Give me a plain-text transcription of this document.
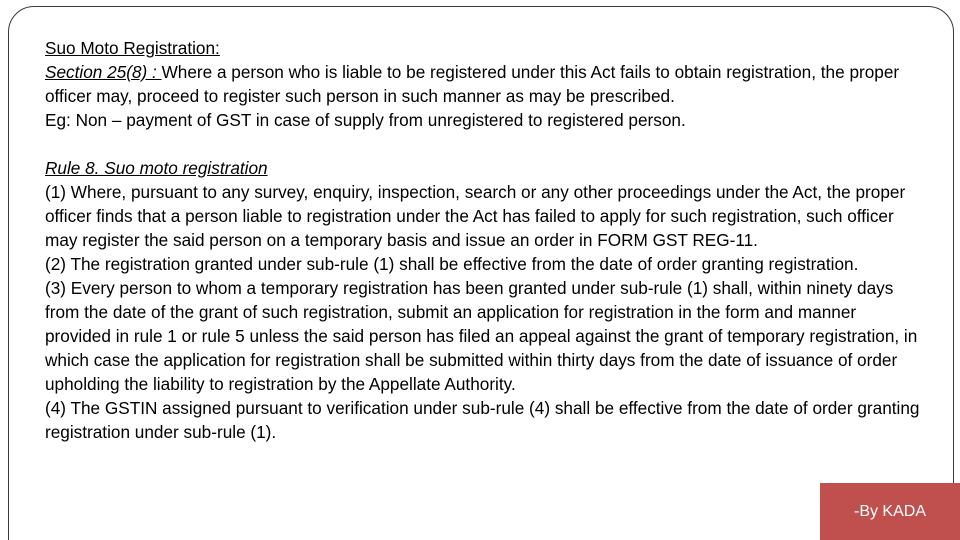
Suo Moto Registration:

Section 25(8) : Where a person who is liable to be registered under this Act fails to obtain registration, the proper officer may, proceed to register such person in such manner as may be prescribed.

Eg: Non – payment of GST in case of supply from unregistered to registered person.

Rule 8. Suo moto registration

(1) Where, pursuant to any survey, enquiry, inspection, search or any other proceedings under the Act, the proper officer finds that a person liable to registration under the Act has failed to apply for such registration, such officer may register the said person on a temporary basis and issue an order in FORM GST REG-11.

(2) The registration granted under sub-rule (1) shall be effective from the date of order granting registration.

(3) Every person to whom a temporary registration has been granted under sub-rule (1) shall, within ninety days from the date of the grant of such registration, submit an application for registration in the form and manner provided in rule 1 or rule 5 unless the said person has filed an appeal against the grant of temporary registration, in which case the application for registration shall be submitted within thirty days from the date of issuance of order upholding the liability to registration by the Appellate Authority.

(4) The GSTIN assigned pursuant to verification under sub-rule (4) shall be effective from the date of order granting registration under sub-rule (1).

-By KADA
